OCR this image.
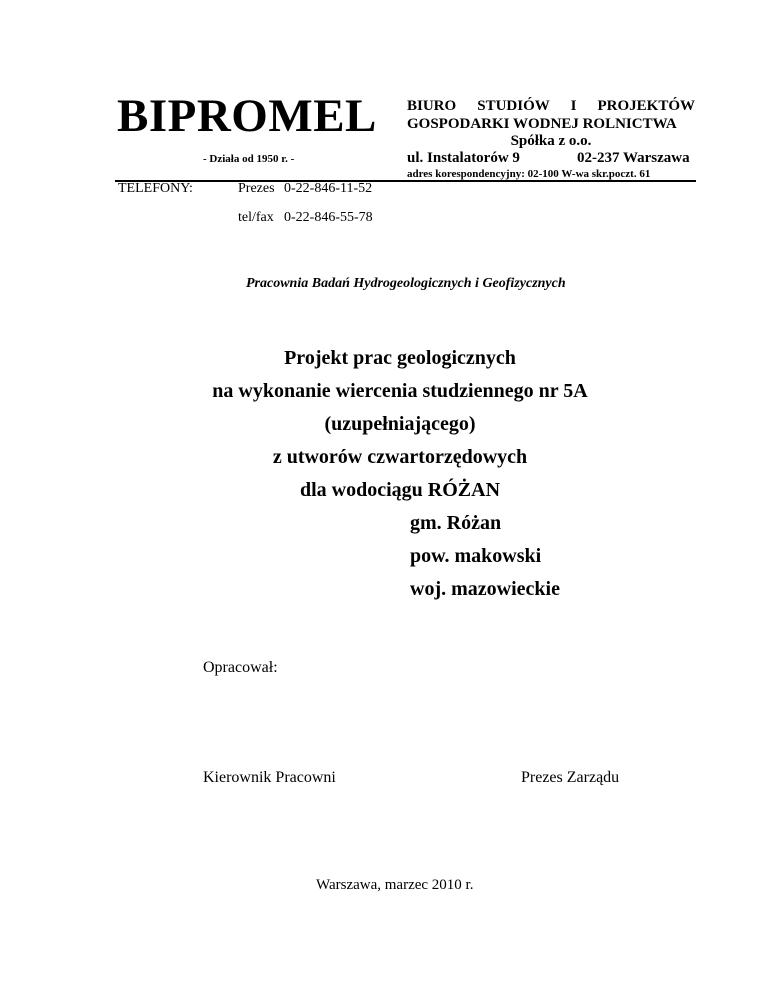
BIPROMEL
- Działa od 1950 r. -
BIURO STUDIÓW I PROJEKTÓW
GOSPODARKI WODNEJ ROLNICTWA
Spółka z o.o.
ul. Instalatorów 9	02-237 Warszawa
adres korespondencyjny: 02-100 W-wa skr.poczt. 61
TELEFONY:	Prezes 0-22-846-11-52
tel/fax 0-22-846-55-78
Pracownia Badań Hydrogeologicznych i Geofizycznych
Projekt prac geologicznych
na wykonanie wiercenia studziennego nr 5A
(uzupełniającego)
z utworów czwartorzędowych
dla wodociągu RÓŻAN
gm. Różan
pow. makowski
woj. mazowieckie
Opracował:
Kierownik Pracowni	Prezes Zarządu
Warszawa, marzec 2010 r.
